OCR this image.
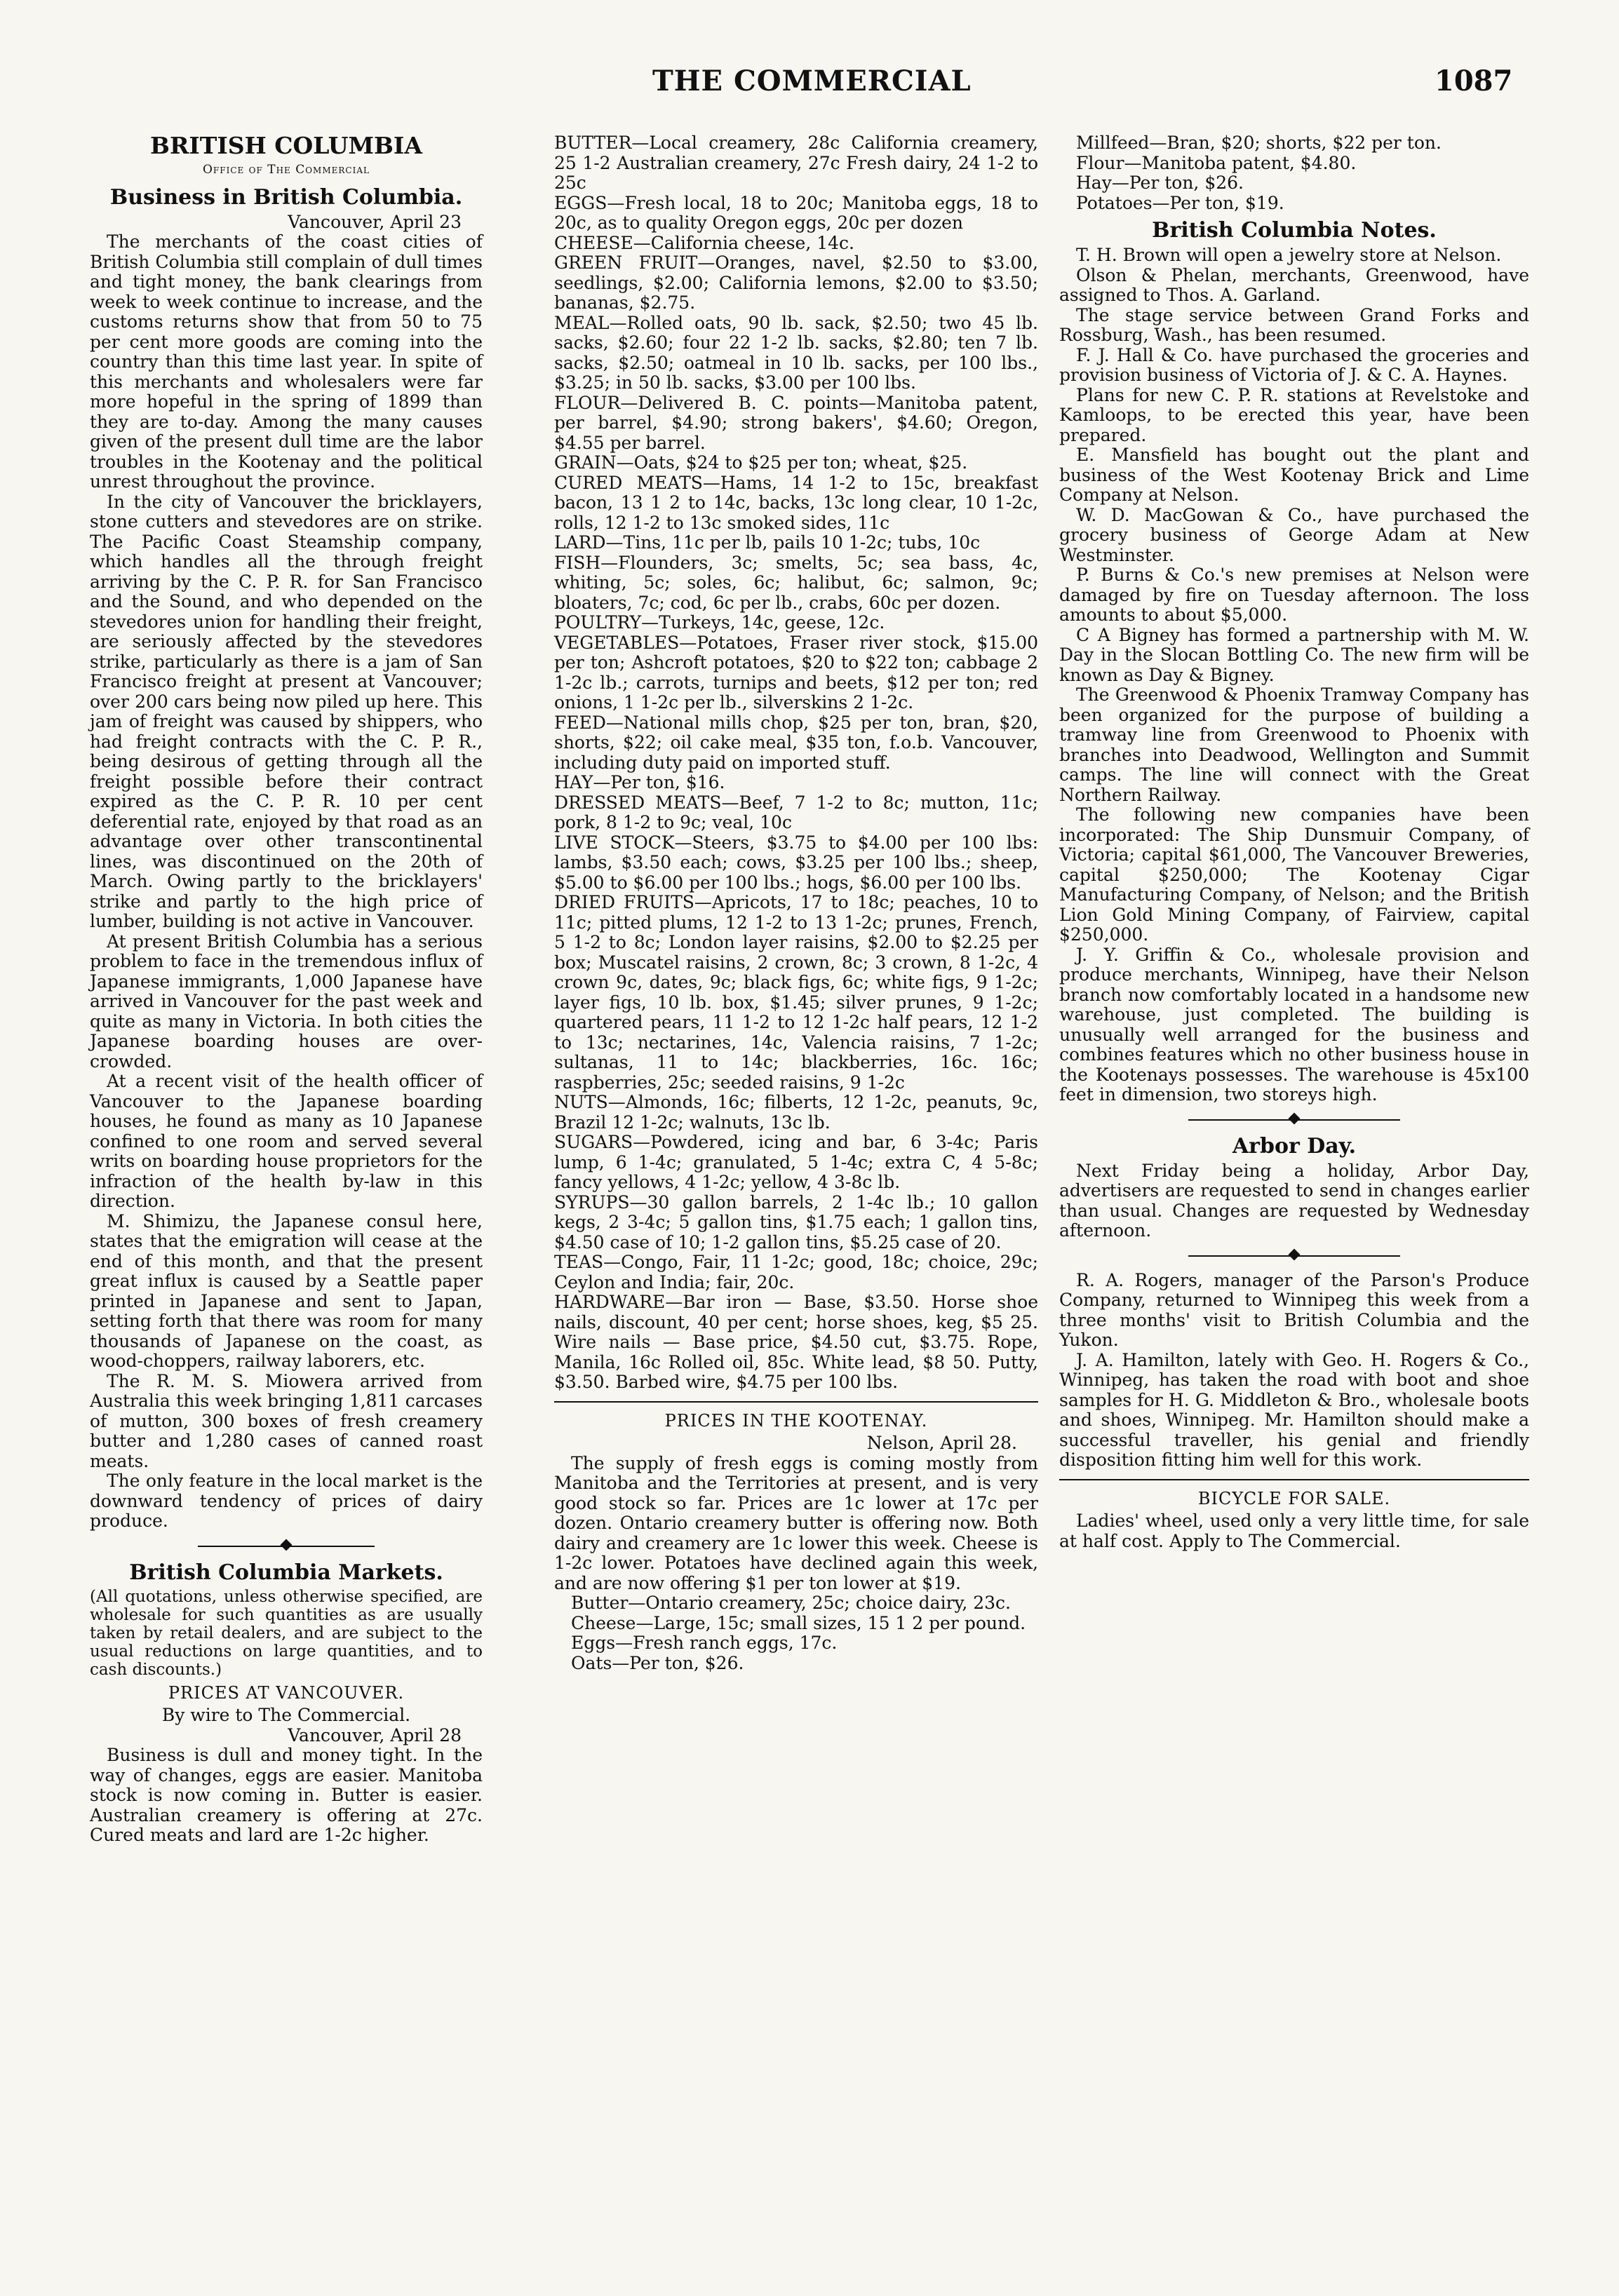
THE COMMERCIAL	1087
BRITISH COLUMBIA
Office of The Commercial
Business in British Columbia.

Vancouver, April 23

The merchants of the coast cities of British Columbia still complain of dull times and tight money, the bank clearings from week to week continue to increase, and the customs returns show that from 50 to 75 per cent more goods are coming into the country than this time last year. In spite of this merchants and wholesalers were far more hopeful in the spring of 1899 than they are to-day. Among the many causes given of the present dull time are the labor troubles in the Kootenay and the political unrest throughout the province.

In the city of Vancouver the bricklayers, stone cutters and stevedores are on strike. The Pacific Coast Steamship company, which handles all the through freight arriving by the C. P. R. for San Francisco and the Sound, and who depended on the stevedores union for handling their freight, are seriously affected by the stevedores strike, particularly as there is a jam of San Francisco freight at present at Vancouver; over 200 cars being now piled up here. This jam of freight was caused by shippers, who had freight contracts with the C. P. R., being desirous of getting through all the freight possible before their contract expired as the C. P. R. 10 per cent deferential rate, enjoyed by that road as an advantage over other transcontinental lines, was discontinued on the 20th of March. Owing partly to the bricklayers' strike and partly to the high price of lumber, building is not active in Vancouver.

At present British Columbia has a serious problem to face in the tremendous influx of Japanese immigrants, 1,000 Japanese have arrived in Vancouver for the past week and quite as many in Victoria. In both cities the Japanese boarding houses are over-crowded.

At a recent visit of the health officer of Vancouver to the Japanese boarding houses, he found as many as 10 Japanese confined to one room and served several writs on boarding house proprietors for the infraction of the health by-law in this direction.

M. Shimizu, the Japanese consul here, states that the emigration will cease at the end of this month, and that the present great influx is caused by a Seattle paper printed in Japanese and sent to Japan, setting forth that there was room for many thousands of Japanese on the coast, as wood-choppers, railway laborers, etc.

The R. M. S. Miowera arrived from Australia this week bringing 1,811 carcases of mutton, 300 boxes of fresh creamery butter and 1,280 cases of canned roast meats.

The only feature in the local market is the downward tendency of prices of dairy produce.

British Columbia Markets.

(All quotations, unless otherwise specified, are wholesale for such quantities as are usually taken by retail dealers, and are subject to the usual reductions on large quantities, and to cash discounts.)

PRICES AT VANCOUVER.

By wire to The Commercial.

Vancouver, April 28

Business is dull and money tight. In the way of changes, eggs are easier. Manitoba stock is now coming in. Butter is easier. Australian creamery is offering at 27c. Cured meats and lard are 1-2c higher.

BUTTER—Local creamery, 28c California creamery, 25 1-2 Australian creamery, 27c Fresh dairy, 24 1-2 to 25c

EGGS—Fresh local, 18 to 20c; Manitoba eggs, 18 to 20c, as to quality Oregon eggs, 20c per dozen

CHEESE—California cheese, 14c.

GREEN FRUIT—Oranges, navel, $2.50 to $3.00, seedlings, $2.00; California lemons, $2.00 to $3.50; bananas, $2.75.

MEAL—Rolled oats, 90 lb. sack, $2.50; two 45 lb. sacks, $2.60; four 22 1-2 lb. sacks, $2.80; ten 7 lb. sacks, $2.50; oatmeal in 10 lb. sacks, per 100 lbs., $3.25; in 50 lb. sacks, $3.00 per 100 lbs.

FLOUR—Delivered B. C. points—Manitoba patent, per barrel, $4.90; strong bakers', $4.60; Oregon, $4.55 per barrel.

GRAIN—Oats, $24 to $25 per ton; wheat, $25.

CURED MEATS—Hams, 14 1-2 to 15c, breakfast bacon, 13 1 2 to 14c, backs, 13c long clear, 10 1-2c, rolls, 12 1-2 to 13c smoked sides, 11c

LARD—Tins, 11c per lb, pails 10 1-2c; tubs, 10c

FISH—Flounders, 3c; smelts, 5c; sea bass, 4c, whiting, 5c; soles, 6c; halibut, 6c; salmon, 9c; bloaters, 7c; cod, 6c per lb., crabs, 60c per dozen.

POULTRY—Turkeys, 14c, geese, 12c.

VEGETABLES—Potatoes, Fraser river stock, $15.00 per ton; Ashcroft potatoes, $20 to $22 ton; cabbage 2 1-2c lb.; carrots, turnips and beets, $12 per ton; red onions, 1 1-2c per lb., silverskins 2 1-2c.

FEED—National mills chop, $25 per ton, bran, $20, shorts, $22; oil cake meal, $35 ton, f.o.b. Vancouver, including duty paid on imported stuff.

HAY—Per ton, $16.

DRESSED MEATS—Beef, 7 1-2 to 8c; mutton, 11c; pork, 8 1-2 to 9c; veal, 10c

LIVE STOCK—Steers, $3.75 to $4.00 per 100 lbs: lambs, $3.50 each; cows, $3.25 per 100 lbs.; sheep, $5.00 to $6.00 per 100 lbs.; hogs, $6.00 per 100 lbs.

DRIED FRUITS—Apricots, 17 to 18c; peaches, 10 to 11c; pitted plums, 12 1-2 to 13 1-2c; prunes, French, 5 1-2 to 8c; London layer raisins, $2.00 to $2.25 per box; Muscatel raisins, 2 crown, 8c; 3 crown, 8 1-2c, 4 crown 9c, dates, 9c; black figs, 6c; white figs, 9 1-2c; layer figs, 10 lb. box, $1.45; silver prunes, 9 1-2c; quartered pears, 11 1-2 to 12 1-2c half pears, 12 1-2 to 13c; nectarines, 14c, Valencia raisins, 7 1-2c; sultanas, 11 to 14c; blackberries, 16c. 16c; raspberries, 25c; seeded raisins, 9 1-2c

NUTS—Almonds, 16c; filberts, 12 1-2c, peanuts, 9c, Brazil 12 1-2c; walnuts, 13c lb.

SUGARS—Powdered, icing and bar, 6 3-4c; Paris lump, 6 1-4c; granulated, 5 1-4c; extra C, 4 5-8c; fancy yellows, 4 1-2c; yellow, 4 3-8c lb.

SYRUPS—30 gallon barrels, 2 1-4c lb.; 10 gallon kegs, 2 3-4c; 5 gallon tins, $1.75 each; 1 gallon tins, $4.50 case of 10; 1-2 gallon tins, $5.25 case of 20.

TEAS—Congo, Fair, 11 1-2c; good, 18c; choice, 29c; Ceylon and India; fair, 20c.

HARDWARE—Bar iron — Base, $3.50. Horse shoe nails, discount, 40 per cent; horse shoes, keg, $5 25. Wire nails — Base price, $4.50 cut, $3.75. Rope, Manila, 16c Rolled oil, 85c. White lead, $8 50. Putty, $3.50. Barbed wire, $4.75 per 100 lbs.

PRICES IN THE KOOTENAY.

Nelson, April 28.

The supply of fresh eggs is coming mostly from Manitoba and the Territories at present, and is very good stock so far. Prices are 1c lower at 17c per dozen. Ontario creamery butter is offering now. Both dairy and creamery are 1c lower this week. Cheese is 1-2c lower. Potatoes have declined again this week, and are now offering $1 per ton lower at $19.

Butter—Ontario creamery, 25c; choice dairy, 23c.

Cheese—Large, 15c; small sizes, 15 1 2 per pound.

Eggs—Fresh ranch eggs, 17c.

Oats—Per ton, $26.

Millfeed—Bran, $20; shorts, $22 per ton.

Flour—Manitoba patent, $4.80.

Hay—Per ton, $26.

Potatoes—Per ton, $19.

British Columbia Notes.

T. H. Brown will open a jewelry store at Nelson.

Olson & Phelan, merchants, Greenwood, have assigned to Thos. A. Garland.

The stage service between Grand Forks and Rossburg, Wash., has been resumed.

F. J. Hall & Co. have purchased the groceries and provision business of Victoria of J. & C. A. Haynes.

Plans for new C. P. R. stations at Revelstoke and Kamloops, to be erected this year, have been prepared.

E. Mansfield has bought out the plant and business of the West Kootenay Brick and Lime Company at Nelson.

W. D. MacGowan & Co., have purchased the grocery business of George Adam at New Westminster.

P. Burns & Co.'s new premises at Nelson were damaged by fire on Tuesday afternoon. The loss amounts to about $5,000.

C A Bigney has formed a partnership with M. W. Day in the Slocan Bottling Co. The new firm will be known as Day & Bigney.

The Greenwood & Phoenix Tramway Company has been organized for the purpose of building a tramway line from Greenwood to Phoenix with branches into Deadwood, Wellington and Summit camps. The line will connect with the Great Northern Railway.

The following new companies have been incorporated: The Ship Dunsmuir Company, of Victoria; capital $61,000, The Vancouver Breweries, capital $250,000; The Kootenay Cigar Manufacturing Company, of Nelson; and the British Lion Gold Mining Company, of Fairview, capital $250,000.

J. Y. Griffin & Co., wholesale provision and produce merchants, Winnipeg, have their Nelson branch now comfortably located in a handsome new warehouse, just completed. The building is unusually well arranged for the business and combines features which no other business house in the Kootenays possesses. The warehouse is 45x100 feet in dimension, two storeys high.

Arbor Day.

Next Friday being a holiday, Arbor Day, advertisers are requested to send in changes earlier than usual. Changes are requested by Wednesday afternoon.

R. A. Rogers, manager of the Parson's Produce Company, returned to Winnipeg this week from a three months' visit to British Columbia and the Yukon.

J. A. Hamilton, lately with Geo. H. Rogers & Co., Winnipeg, has taken the road with boot and shoe samples for H. G. Middleton & Bro., wholesale boots and shoes, Winnipeg. Mr. Hamilton should make a successful traveller, his genial and friendly disposition fitting him well for this work.

BICYCLE FOR SALE.

Ladies' wheel, used only a very little time, for sale at half cost. Apply to The Commercial.
